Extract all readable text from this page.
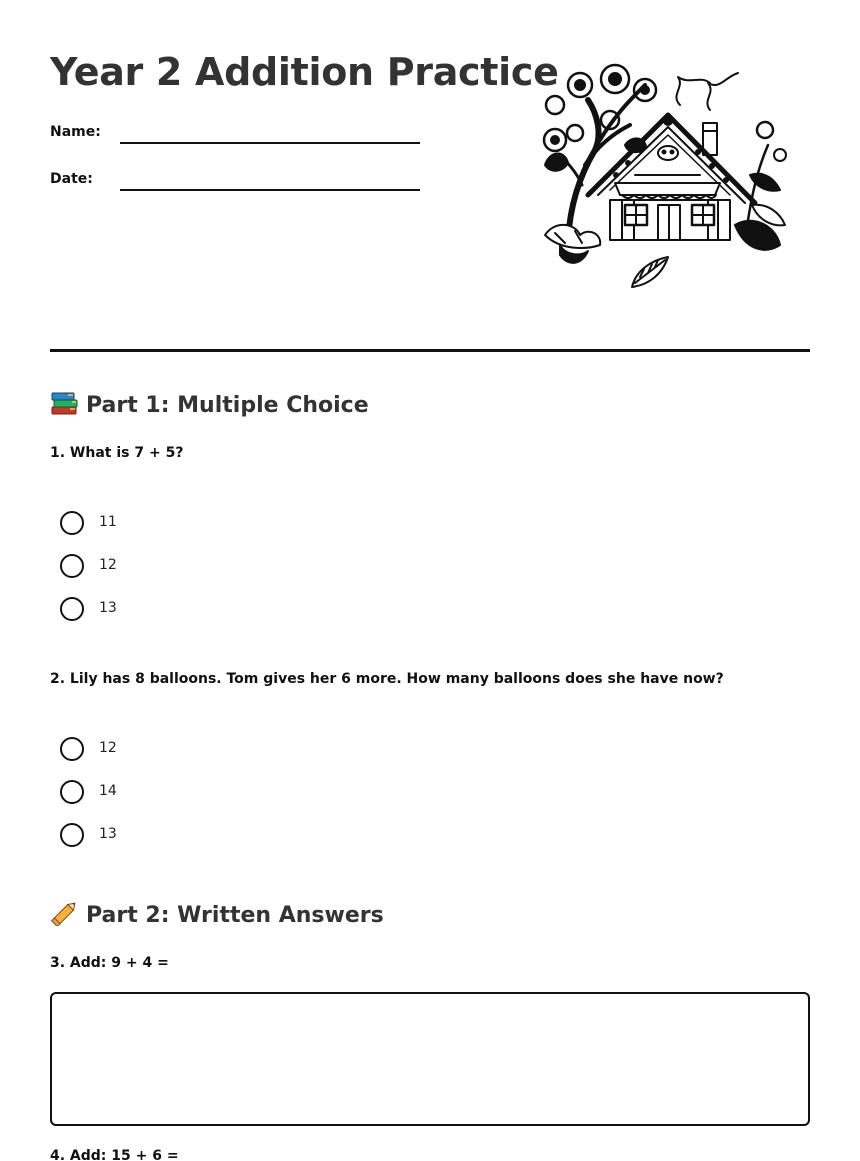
Year 2 Addition Practice
Name:
Date:
Part 1: Multiple Choice
1. What is 7 + 5?
11
12
13
2. Lily has 8 balloons. Tom gives her 6 more. How many balloons does she have now?
12
14
13
Part 2: Written Answers
3. Add: 9 + 4 =
4. Add: 15 + 6 =
